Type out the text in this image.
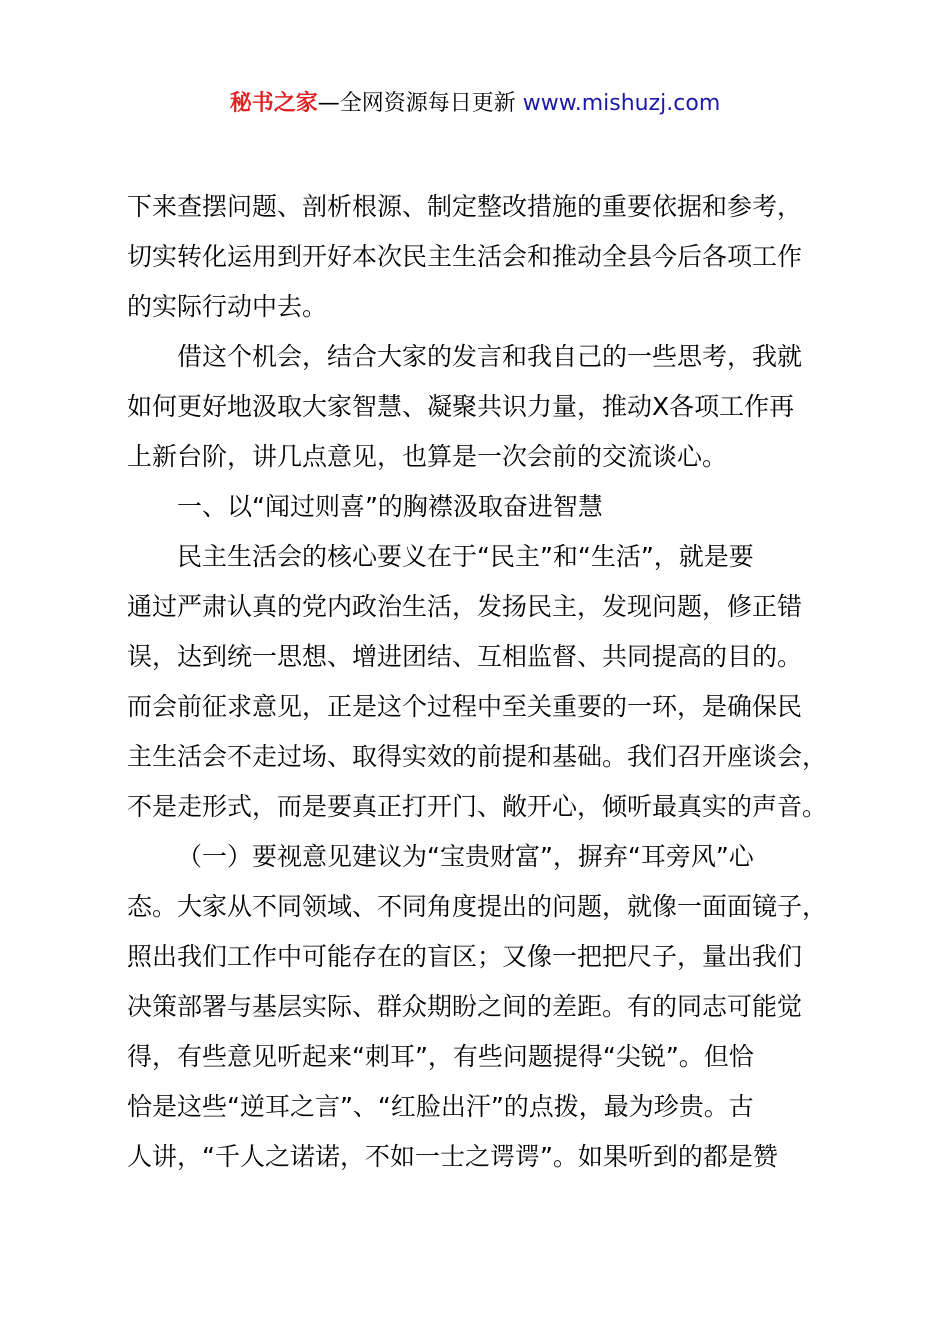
秘书之家—全网资源每日更新 www.mishuzj.com
下来查摆问题、剖析根源、制定整改措施的重要依据和参考，
切实转化运用到开好本次民主生活会和推动全县今后各项工作
的实际行动中去。
借这个机会，结合大家的发言和我自己的一些思考，我就
如何更好地汲取大家智慧、凝聚共识力量，推动X各项工作再
上新台阶，讲几点意见，也算是一次会前的交流谈心。
一、以“闻过则喜”的胸襟汲取奋进智慧
民主生活会的核心要义在于“民主”和“生活”，就是要
通过严肃认真的党内政治生活，发扬民主，发现问题，修正错
误，达到统一思想、增进团结、互相监督、共同提高的目的。
而会前征求意见，正是这个过程中至关重要的一环，是确保民
主生活会不走过场、取得实效的前提和基础。我们召开座谈会，
不是走形式，而是要真正打开门、敞开心，倾听最真实的声音。
（一）要视意见建议为“宝贵财富”，摒弃“耳旁风”心
态。大家从不同领域、不同角度提出的问题，就像一面面镜子，
照出我们工作中可能存在的盲区；又像一把把尺子，量出我们
决策部署与基层实际、群众期盼之间的差距。有的同志可能觉
得，有些意见听起来“刺耳”，有些问题提得“尖锐”。但恰
恰是这些“逆耳之言”、“红脸出汗”的点拨，最为珍贵。古
人讲，“千人之诺诺，不如一士之谔谔”。如果听到的都是赞
